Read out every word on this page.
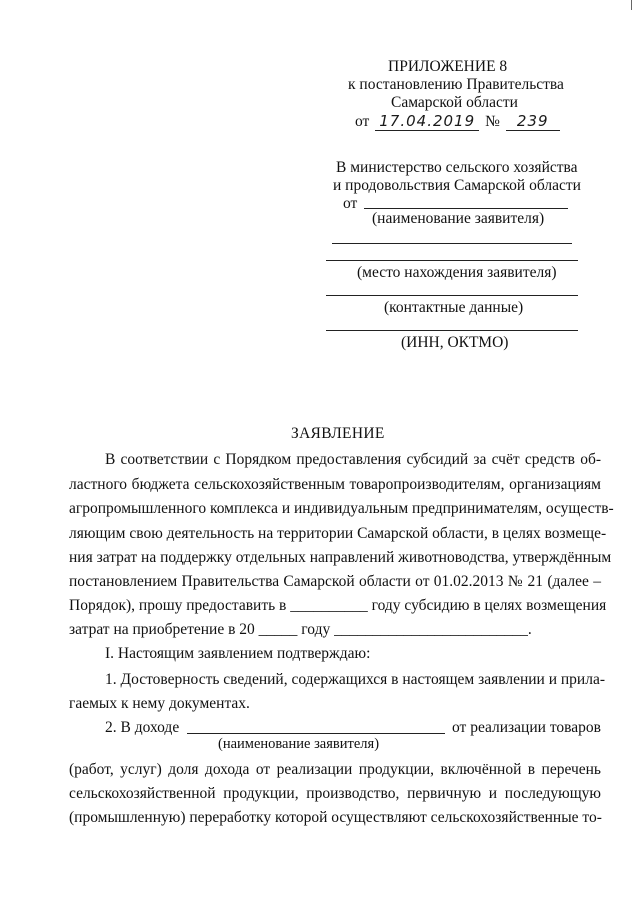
ПРИЛОЖЕНИЕ 8
к постановлению Правительства
Самарской области
от 17.04.2019 № 239
В министерство сельского хозяйства
и продовольствия Самарской области
от
(наименование заявителя)
(место нахождения заявителя)
(контактные данные)
(ИНН, ОКТМО)
ЗАЯВЛЕНИЕ
В соответствии с Порядком предоставления субсидий за счёт средств об-
ластного бюджета сельскохозяйственным товаропроизводителям, организациям
агропромышленного комплекса и индивидуальным предпринимателям, осуществ-
ляющим свою деятельность на территории Самарской области, в целях возмеще-
ния затрат на поддержку отдельных направлений животноводства, утверждённым
постановлением Правительства Самарской области от 01.02.2013 № 21 (далее –
Порядок), прошу предоставить в __________ году субсидию в целях возмещения
затрат на приобретение в 20 _____ году _________________________.
I. Настоящим заявлением подтверждаю:
1. Достоверность сведений, содержащихся в настоящем заявлении и прила-
гаемых к нему документах.
2. В доходе	от реализации товаров
(наименование заявителя)
(работ, услуг) доля дохода от реализации продукции, включённой в перечень
сельскохозяйственной продукции, производство, первичную и последующую
(промышленную) переработку которой осуществляют сельскохозяйственные то-
